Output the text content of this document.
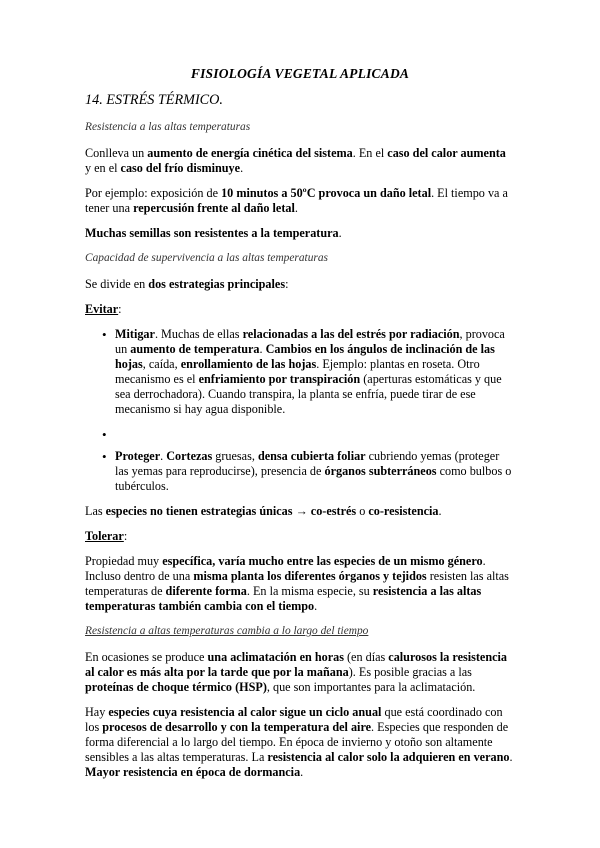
FISIOLOGÍA VEGETAL APLICADA
14. ESTRÉS TÉRMICO.
Resistencia a las altas temperaturas

Conlleva un aumento de energía cinética del sistema. En el caso del calor aumenta y en el caso del frío disminuye.

Por ejemplo: exposición de 10 minutos a 50ºC provoca un daño letal. El tiempo va a tener una repercusión frente al daño letal.

Muchas semillas son resistentes a la temperatura.

Capacidad de supervivencia a las altas temperaturas

Se divide en dos estrategias principales:

Evitar:
• Mitigar. Muchas de ellas relacionadas a las del estrés por radiación, provoca un aumento de temperatura. Cambios en los ángulos de inclinación de las hojas, caída, enrollamiento de las hojas. Ejemplo: plantas en roseta. Otro mecanismo es el enfriamiento por transpiración (aperturas estomáticas y que sea derrochadora). Cuando transpira, la planta se enfría, puede tirar de ese mecanismo si hay agua disponible.
•
• Proteger. Cortezas gruesas, densa cubierta foliar cubriendo yemas (proteger las yemas para reproducirse), presencia de órganos subterráneos como bulbos o tubérculos.

Las especies no tienen estrategias únicas → co-estrés o co-resistencia.

Tolerar:

Propiedad muy específica, varía mucho entre las especies de un mismo género. Incluso dentro de una misma planta los diferentes órganos y tejidos resisten las altas temperaturas de diferente forma. En la misma especie, su resistencia a las altas temperaturas también cambia con el tiempo.

Resistencia a altas temperaturas cambia a lo largo del tiempo

En ocasiones se produce una aclimatación en horas (en días calurosos la resistencia al calor es más alta por la tarde que por la mañana). Es posible gracias a las proteínas de choque térmico (HSP), que son importantes para la aclimatación.

Hay especies cuya resistencia al calor sigue un ciclo anual que está coordinado con los procesos de desarrollo y con la temperatura del aire. Especies que responden de forma diferencial a lo largo del tiempo. En época de invierno y otoño son altamente sensibles a las altas temperaturas. La resistencia al calor solo la adquieren en verano. Mayor resistencia en época de dormancia.
